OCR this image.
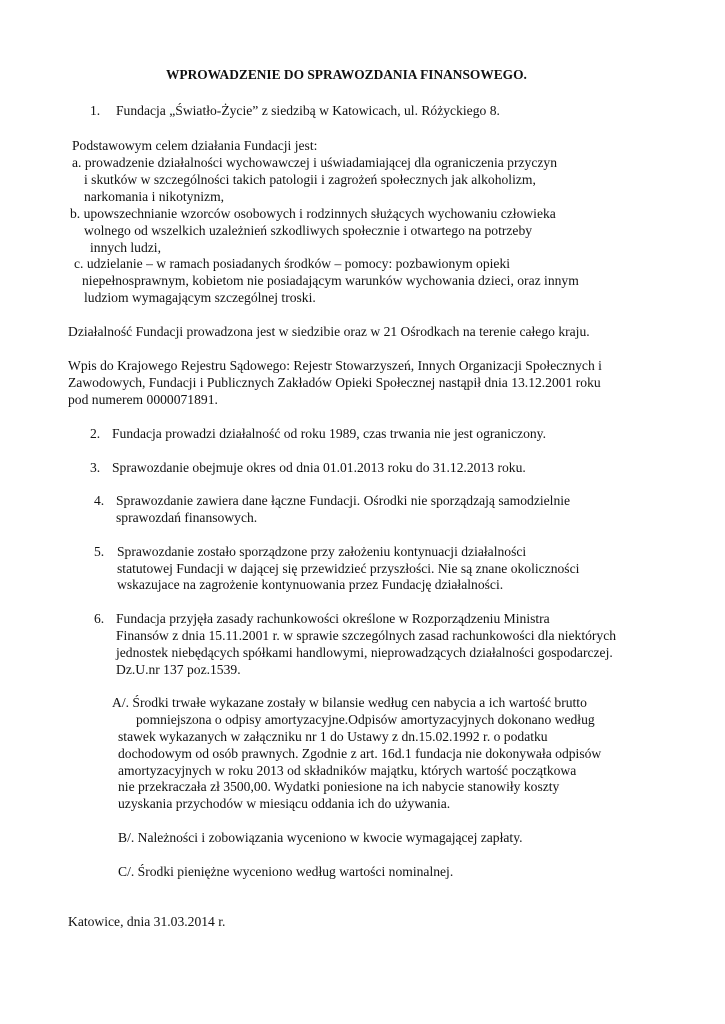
WPROWADZENIE DO SPRAWOZDANIA FINANSOWEGO.
1. Fundacja „Światło-Życie” z siedzibą w Katowicach, ul. Różyckiego 8.
Podstawowym celem działania Fundacji jest:
a. prowadzenie działalności wychowawczej i uświadamiającej dla ograniczenia przyczyn
i skutków w szczególności takich patologii i zagrożeń społecznych jak alkoholizm,
narkomania i nikotynizm,
b. upowszechnianie wzorców osobowych i rodzinnych służących wychowaniu człowieka
wolnego od wszelkich uzależnień szkodliwych społecznie i otwartego na potrzeby
innych ludzi,
c. udzielanie – w ramach posiadanych środków – pomocy: pozbawionym opieki
niepełnosprawnym, kobietom nie posiadającym warunków wychowania dzieci, oraz innym
ludziom wymagającym szczególnej troski.
Działalność Fundacji prowadzona jest w siedzibie oraz w 21 Ośrodkach na terenie całego kraju.
Wpis do Krajowego Rejestru Sądowego: Rejestr Stowarzyszeń, Innych Organizacji Społecznych i
Zawodowych, Fundacji i Publicznych Zakładów Opieki Społecznej nastąpił dnia 13.12.2001 roku
pod numerem 0000071891.
2. Fundacja prowadzi działalność od roku 1989, czas trwania nie jest ograniczony.
3. Sprawozdanie obejmuje okres od dnia 01.01.2013 roku do 31.12.2013 roku.
4. Sprawozdanie zawiera dane łączne Fundacji. Ośrodki nie sporządzają samodzielnie
sprawozdań finansowych.
5. Sprawozdanie zostało sporządzone przy założeniu kontynuacji działalności
statutowej Fundacji w dającej się przewidzieć przyszłości. Nie są znane okoliczności
wskazujace na zagrożenie kontynuowania przez Fundację działalności.
6. Fundacja przyjęła zasady rachunkowości określone w Rozporządzeniu Ministra
Finansów z dnia 15.11.2001 r. w sprawie szczególnych zasad rachunkowości dla niektórych
jednostek niebędących spółkami handlowymi, nieprowadzących działalności gospodarczej.
Dz.U.nr 137 poz.1539.
A/. Środki trwałe wykazane zostały w bilansie według cen nabycia a ich wartość brutto
pomniejszona o odpisy amortyzacyjne.Odpisów amortyzacyjnych dokonano według
stawek wykazanych w załączniku nr 1 do Ustawy z dn.15.02.1992 r. o podatku
dochodowym od osób prawnych. Zgodnie z art. 16d.1 fundacja nie dokonywała odpisów
amortyzacyjnych w roku 2013 od składników majątku, których wartość początkowa
nie przekraczała zł 3500,00. Wydatki poniesione na ich nabycie stanowiły koszty
uzyskania przychodów w miesiącu oddania ich do używania.
B/. Należności i zobowiązania wyceniono w kwocie wymagającej zapłaty.
C/. Środki pieniężne wyceniono według wartości nominalnej.
Katowice, dnia 31.03.2014 r.
